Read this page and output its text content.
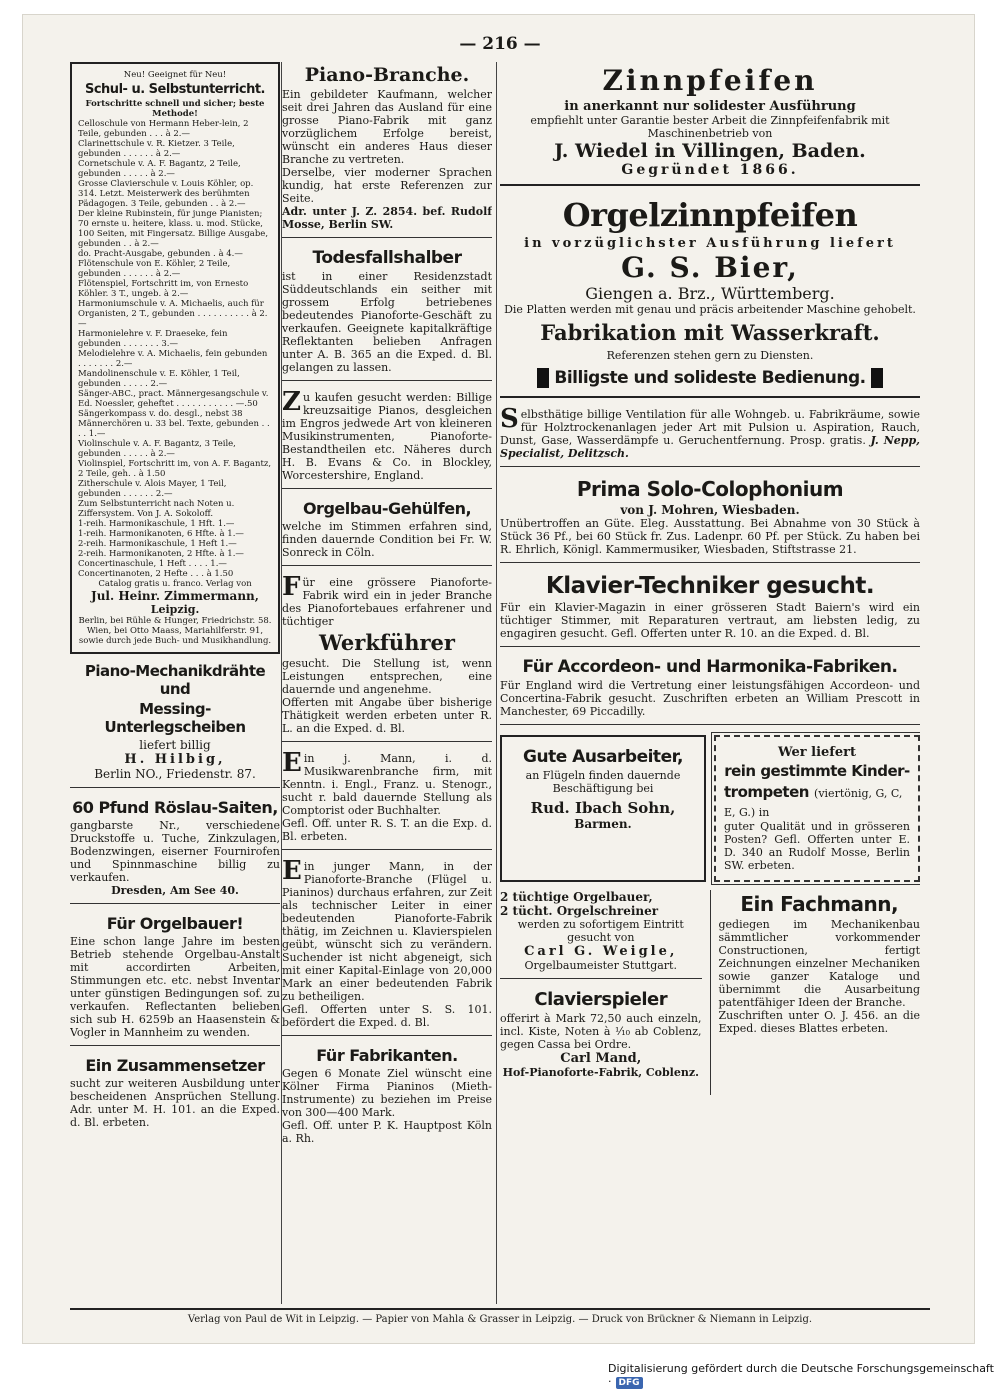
— 216 —

Neu! Geeignet für Neu!

Schul- u. Selbstunterricht.

Fortschritte schnell und sicher; beste Methode!

Celloschule von Hermann Heber-lein, 2 Teile, gebunden . . . à 2.—

Clarinettschule v. R. Kietzer. 3 Teile, gebunden . . . . . . à 2.—

Cornetschule v. A. F. Bagantz, 2 Teile, gebunden . . . . . à 2.—

Grosse Clavierschule v. Louis Köhler, op. 314. Letzt. Meisterwerk des berühmten Pädagogen. 3 Teile, gebunden . . à 2.—

Der kleine Rubinstein, für junge Pianisten; 70 ernste u. heitere, klass. u. mod. Stücke, 100 Seiten, mit Fingersatz. Billige Ausgabe, gebunden . . à 2.—

do. Pracht-Ausgabe, gebunden . à 4.—

Flötenschule von E. Köhler, 2 Teile, gebunden . . . . . . à 2.—

Flötenspiel, Fortschritt im, von Ernesto Köhler. 3 T., ungeb. à 2.—

Harmoniumschule v. A. Michaelis, auch für Organisten, 2 T., gebunden . . . . . . . . . . à 2.—

Harmonielehre v. F. Draeseke, fein gebunden . . . . . . . 3.—

Melodielehre v. A. Michaelis, fein gebunden . . . . . . . 2.—

Mandolinenschule v. E. Köhler, 1 Teil, gebunden . . . . . 2.—

Sänger-ABC., pract. Männergesangschule v. Ed. Noessler, geheftet . . . . . . . . . . . —.50

Sängerkompass v. do. desgl., nebst 38 Männerchören u. 33 bel. Texte, gebunden . . . . 1.—

Violinschule v. A. F. Bagantz, 3 Teile, gebunden . . . . . à 2.—

Violinspiel, Fortschritt im, von A. F. Bagantz, 2 Teile, geh. . à 1.50

Zitherschule v. Alois Mayer, 1 Teil, gebunden . . . . . . 2.—

Zum Selbstunterricht nach Noten u. Ziffersystem. Von J. A. Sokoloff.

1-reih. Harmonikaschule, 1 Hft. 1.—

1-reih. Harmonikanoten, 6 Hfte. à 1.—

2-reih. Harmonikaschule, 1 Heft 1.—

2-reih. Harmonikanoten, 2 Hfte. à 1.—

Concertinaschule, 1 Heft . . . . 1.—

Concertinanoten, 2 Hefte . . . à 1.50

Catalog gratis u. franco. Verlag von

Jul. Heinr. Zimmermann,
Leipzig.

Berlin, bei Rühle & Hunger, Friedrichstr. 58. Wien, bei Otto Maass, Mariahilferstr. 91, sowie durch jede Buch- und Musikhandlung.

Piano-Mechanikdrähte und
Messing-Unterlegscheiben
liefert billig
H. Hilbig,
Berlin NO., Friedenstr. 87.
60 Pfund Röslau-Saiten,

gangbarste Nr., verschiedene Druckstoffe u. Tuche, Zinkzulagen, Bodenzwingen, eiserner Fournirofen und Spinnmaschine billig zu verkaufen.

Dresden, Am See 40.
Für Orgelbauer!

Eine schon lange Jahre im besten Betrieb stehende Orgelbau-Anstalt mit accordirten Arbeiten, Stimmungen etc. etc. nebst Inventar unter günstigen Bedingungen sof. zu verkaufen. Reflectanten belieben sich sub H. 6259b an Haasenstein & Vogler in Mannheim zu wenden.

Ein Zusammensetzer

sucht zur weiteren Ausbildung unter bescheidenen Ansprüchen Stellung. Adr. unter M. H. 101. an die Exped. d. Bl. erbeten.

Piano-Branche.

Ein gebildeter Kaufmann, welcher seit drei Jahren das Ausland für eine grosse Piano-Fabrik mit ganz vorzüglichem Erfolge bereist, wünscht ein anderes Haus dieser Branche zu vertreten.

Derselbe, vier moderner Sprachen kundig, hat erste Referenzen zur Seite.

Adr. unter J. Z. 2854. bef. Rudolf Mosse, Berlin SW.

Todesfallshalber

ist in einer Residenzstadt Süddeutschlands ein seither mit grossem Erfolg betriebenes bedeutendes Pianoforte-Geschäft zu verkaufen. Geeignete kapitalkräftige Reflektanten belieben Anfragen unter A. B. 365 an die Exped. d. Bl. gelangen zu lassen.

Zu kaufen gesucht werden: Billige kreuzsaitige Pianos, desgleichen im Engros jedwede Art von kleineren Musikinstrumenten, Pianoforte-Bestandtheilen etc. Näheres durch H. B. Evans & Co. in Blockley, Worcestershire, England.

Orgelbau-Gehülfen,

welche im Stimmen erfahren sind, finden dauernde Condition bei Fr. W. Sonreck in Cöln.

Für eine grössere Pianoforte-Fabrik wird ein in jeder Branche des Pianofortebaues erfahrener und tüchtiger

Werkführer

gesucht. Die Stellung ist, wenn Leistungen entsprechen, eine dauernde und angenehme.

Offerten mit Angabe über bisherige Thätigkeit werden erbeten unter R. L. an die Exped. d. Bl.

Ein j. Mann, i. d. Musikwarenbranche firm, mit Kenntn. i. Engl., Franz. u. Stenogr., sucht r. bald dauernde Stellung als Comptorist oder Buchhalter.

Gefl. Off. unter R. S. T. an die Exp. d. Bl. erbeten.

Ein junger Mann, in der Pianoforte-Branche (Flügel u. Pianinos) durchaus erfahren, zur Zeit als technischer Leiter in einer bedeutenden Pianoforte-Fabrik thätig, im Zeichnen u. Klavierspielen geübt, wünscht sich zu verändern. Suchender ist nicht abgeneigt, sich mit einer Kapital-Einlage von 20,000 Mark an einer bedeutenden Fabrik zu betheiligen.

Gefl. Offerten unter S. S. 101. befördert die Exped. d. Bl.

Für Fabrikanten.

Gegen 6 Monate Ziel wünscht eine Kölner Firma Pianinos (Mieth-Instrumente) zu beziehen im Preise von 300—400 Mark.

Gefl. Off. unter P. K. Hauptpost Köln a. Rh.

Zinnpfeifen
in anerkannt nur solidester Ausführung

empfiehlt unter Garantie bester Arbeit die Zinnpfeifenfabrik mit Maschinenbetrieb von

J. Wiedel in Villingen, Baden.
Gegründet 1866.
Orgelzinnpfeifen
in vorzüglichster Ausführung liefert
G. S. Bier,
Giengen a. Brz., Württemberg.

Die Platten werden mit genau und präcis arbeitender Maschine gehobelt.

Fabrikation mit Wasserkraft.

Referenzen stehen gern zu Diensten.

Billigste und solideste Bedienung.

Selbsthätige billige Ventilation für alle Wohngeb. u. Fabrikräume, sowie für Holztrockenanlagen jeder Art mit Pulsion u. Aspiration, Rauch, Dunst, Gase, Wasserdämpfe u. Geruchentfernung. Prosp. gratis. J. Nepp, Specialist, Delitzsch.

Prima Solo-Colophonium
von J. Mohren, Wiesbaden.

Unübertroffen an Güte. Eleg. Ausstattung. Bei Abnahme von 30 Stück à Stück 36 Pf., bei 60 Stück fr. Zus. Ladenpr. 60 Pf. per Stück. Zu haben bei R. Ehrlich, Königl. Kammermusiker, Wiesbaden, Stiftstrasse 21.

Klavier-Techniker gesucht.

Für ein Klavier-Magazin in einer grösseren Stadt Baiern's wird ein tüchtiger Stimmer, mit Reparaturen vertraut, am liebsten ledig, zu engagiren gesucht. Gefl. Offerten unter R. 10. an die Exped. d. Bl.

Für Accordeon- und Harmonika-Fabriken.

Für England wird die Vertretung einer leistungsfähigen Accordeon- und Concertina-Fabrik gesucht. Zuschriften erbeten an William Prescott in Manchester, 69 Piccadilly.

Gute Ausarbeiter,

an Flügeln finden dauernde Beschäftigung bei

Rud. Ibach Sohn,
Barmen.
Wer liefert
rein gestimmte Kinder-
trompeten (viertönig, G, C, E, G.) in

guter Qualität und in grösseren Posten? Gefl. Offerten unter E. D. 340 an Rudolf Mosse, Berlin SW. erbeten.

2 tüchtige Orgelbauer,
2 tücht. Orgelschreiner

werden zu sofortigem Eintritt gesucht von

Carl G. Weigle,

Orgelbaumeister Stuttgart.

Clavierspieler

offerirt à Mark 72,50 auch einzeln, incl. Kiste, Noten à ¹⁄₁₀ ab Coblenz, gegen Cassa bei Ordre.

Carl Mand,

Hof-Pianoforte-Fabrik, Coblenz.

Ein Fachmann,

gediegen im Mechanikenbau sämmtlicher vorkommender Constructionen, fertigt Zeichnungen einzelner Mechaniken sowie ganzer Kataloge und übernimmt die Ausarbeitung patentfähiger Ideen der Branche.

Zuschriften unter O. J. 456. an die Exped. dieses Blattes erbeten.

Verlag von Paul de Wit in Leipzig. — Papier von Mahla & Grasser in Leipzig. — Druck von Brückner & Niemann in Leipzig.
Digitalisierung gefördert durch die Deutsche Forschungsgemeinschaft · DFG
